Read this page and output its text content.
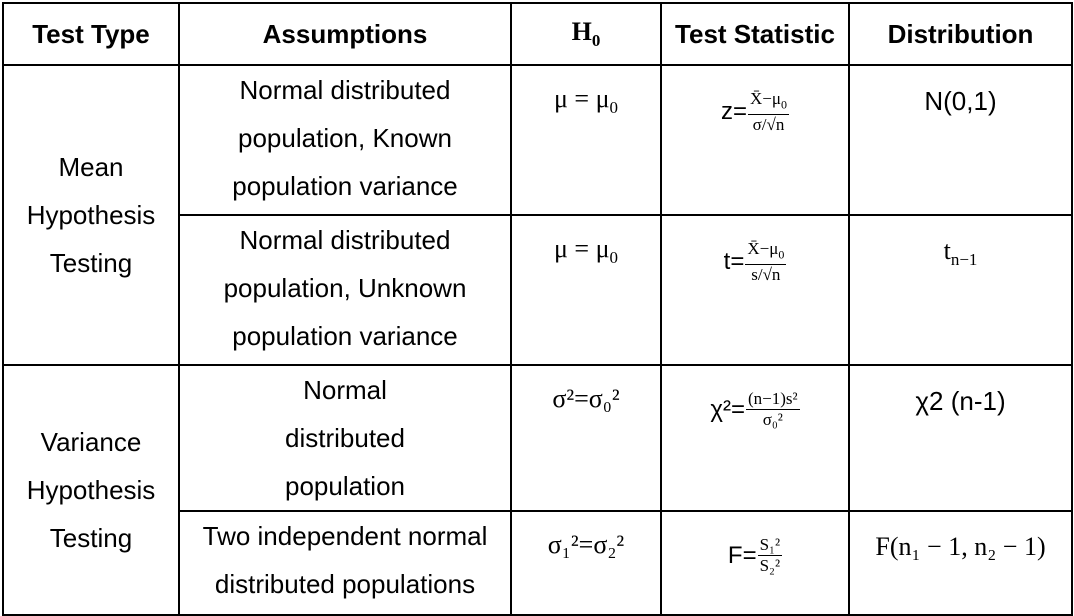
Test Type	Assumptions	$H_0$	Test Statistic	Distribution

Mean Hypothesis Testing	Normal distributed population, Known population variance	$\mu = \mu_0$	$z= \frac{X̄-\mu_0}{\sigma/√n}$	N(0,1)
	Normal distributed population, Unknown population variance	$\mu = \mu_0$	$t= \frac{X̄-\mu_0}{s/√n}$	$t_{n-1}$

Variance Hypothesis Testing	Normal distributed population	σ²=σ₀²	$\chi^2= \frac{\text{(n−1)s²}}{\text{σ₀²}}$	χ2 (n-1)
	Two independent normal distributed populations	σ₁²=σ₂²	$F= \frac{\text{S₁²}}{\text{S₂²}}$	F(n₁ − 1, n₂ − 1)
